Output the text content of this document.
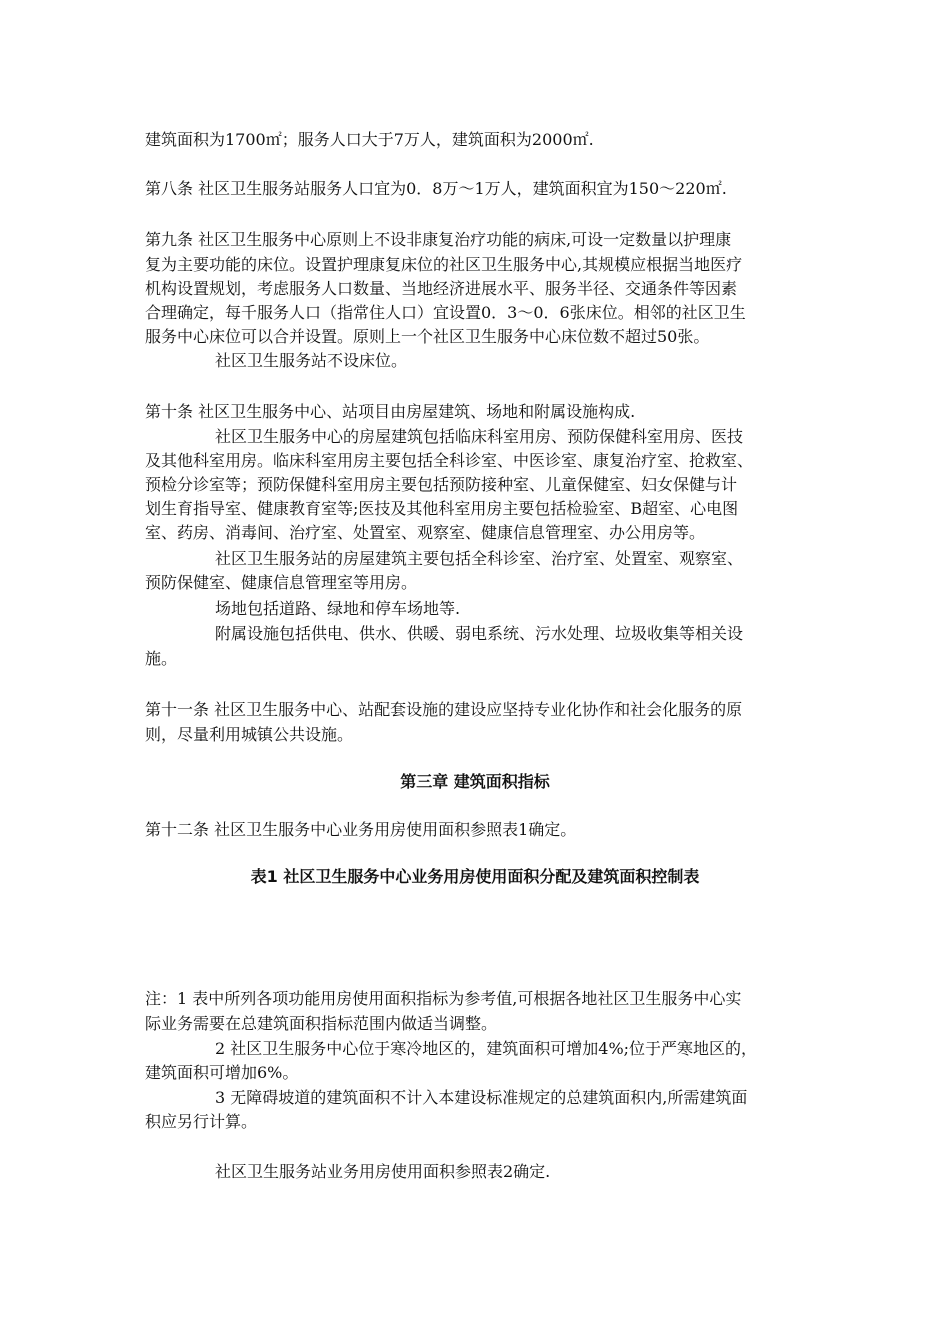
建筑面积为1700㎡；服务人口大于7万人，建筑面积为2000㎡.
第八条 社区卫生服务站服务人口宜为0．8万～1万人，建筑面积宜为150～220㎡.
第九条 社区卫生服务中心原则上不设非康复治疗功能的病床,可设一定数量以护理康
复为主要功能的床位。设置护理康复床位的社区卫生服务中心,其规模应根据当地医疗
机构设置规划，考虑服务人口数量、当地经济进展水平、服务半径、交通条件等因素
合理确定，每千服务人口（指常住人口）宜设置0．3～0．6张床位。相邻的社区卫生
服务中心床位可以合并设置。原则上一个社区卫生服务中心床位数不超过50张。
社区卫生服务站不设床位。
第十条 社区卫生服务中心、站项目由房屋建筑、场地和附属设施构成.
社区卫生服务中心的房屋建筑包括临床科室用房、预防保健科室用房、医技
及其他科室用房。临床科室用房主要包括全科诊室、中医诊室、康复治疗室、抢救室、
预检分诊室等；预防保健科室用房主要包括预防接种室、儿童保健室、妇女保健与计
划生育指导室、健康教育室等;医技及其他科室用房主要包括检验室、B超室、心电图
室、药房、消毒间、治疗室、处置室、观察室、健康信息管理室、办公用房等。
社区卫生服务站的房屋建筑主要包括全科诊室、治疗室、处置室、观察室、
预防保健室、健康信息管理室等用房。
场地包括道路、绿地和停车场地等.
附属设施包括供电、供水、供暖、弱电系统、污水处理、垃圾收集等相关设
施。
第十一条 社区卫生服务中心、站配套设施的建设应坚持专业化协作和社会化服务的原
则，尽量利用城镇公共设施。
第三章 建筑面积指标
第十二条 社区卫生服务中心业务用房使用面积参照表1确定。
表1 社区卫生服务中心业务用房使用面积分配及建筑面积控制表
注：1 表中所列各项功能用房使用面积指标为参考值,可根据各地社区卫生服务中心实
际业务需要在总建筑面积指标范围内做适当调整。
2 社区卫生服务中心位于寒冷地区的，建筑面积可增加4%;位于严寒地区的，
建筑面积可增加6%。
3 无障碍坡道的建筑面积不计入本建设标准规定的总建筑面积内,所需建筑面
积应另行计算。
社区卫生服务站业务用房使用面积参照表2确定.
